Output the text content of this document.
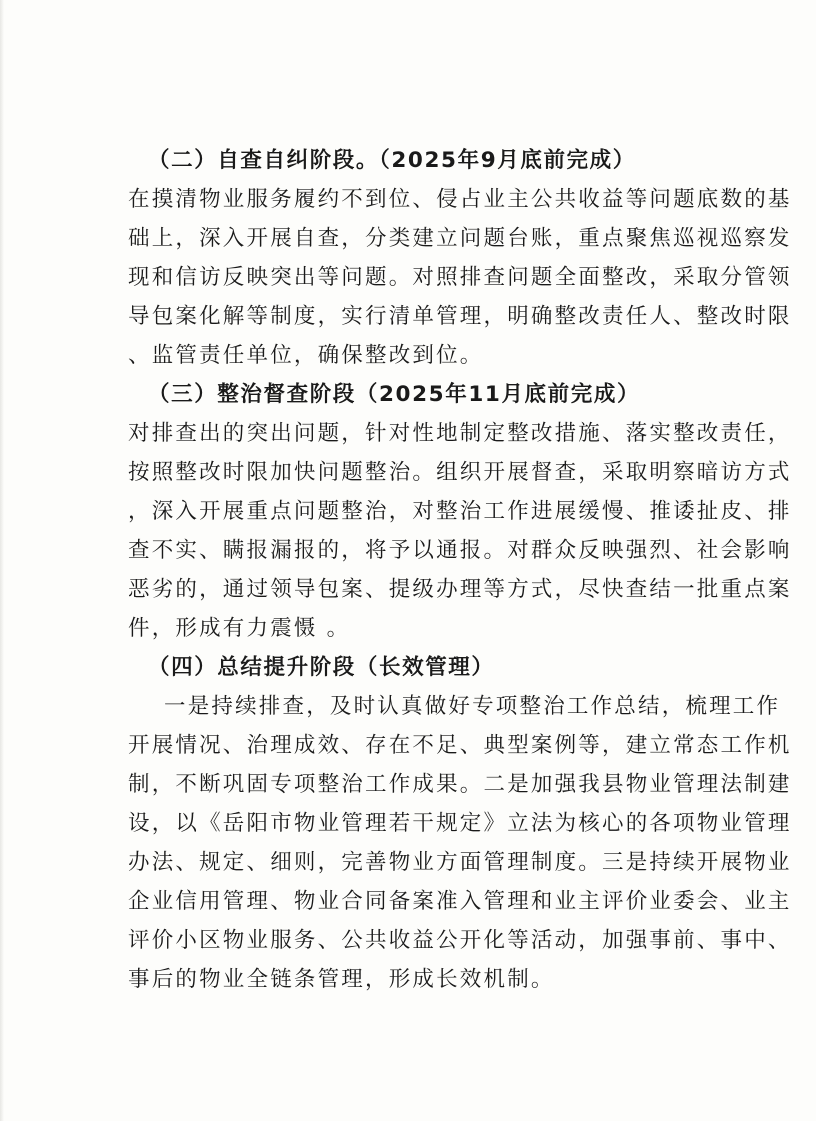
（二）自查自纠阶段。（2025年9月底前完成）
在摸清物业服务履约不到位、侵占业主公共收益等问题底数的基
础上，深入开展自查，分类建立问题台账，重点聚焦巡视巡察发
现和信访反映突出等问题。对照排查问题全面整改，采取分管领
导包案化解等制度，实行清单管理，明确整改责任人、整改时限
、监管责任单位，确保整改到位。
（三）整治督查阶段（2025年11月底前完成）
对排查出的突出问题，针对性地制定整改措施、落实整改责任，
按照整改时限加快问题整治。组织开展督查，采取明察暗访方式
，深入开展重点问题整治，对整治工作进展缓慢、推诿扯皮、排
查不实、瞒报漏报的，将予以通报。对群众反映强烈、社会影响
恶劣的，通过领导包案、提级办理等方式，尽快查结一批重点案
件，形成有力震慑 。
（四）总结提升阶段（长效管理）
一是持续排查，及时认真做好专项整治工作总结，梳理工作
开展情况、治理成效、存在不足、典型案例等，建立常态工作机
制，不断巩固专项整治工作成果。二是加强我县物业管理法制建
设，以《岳阳市物业管理若干规定》立法为核心的各项物业管理
办法、规定、细则，完善物业方面管理制度。三是持续开展物业
企业信用管理、物业合同备案准入管理和业主评价业委会、业主
评价小区物业服务、公共收益公开化等活动，加强事前、事中、
事后的物业全链条管理，形成长效机制。
